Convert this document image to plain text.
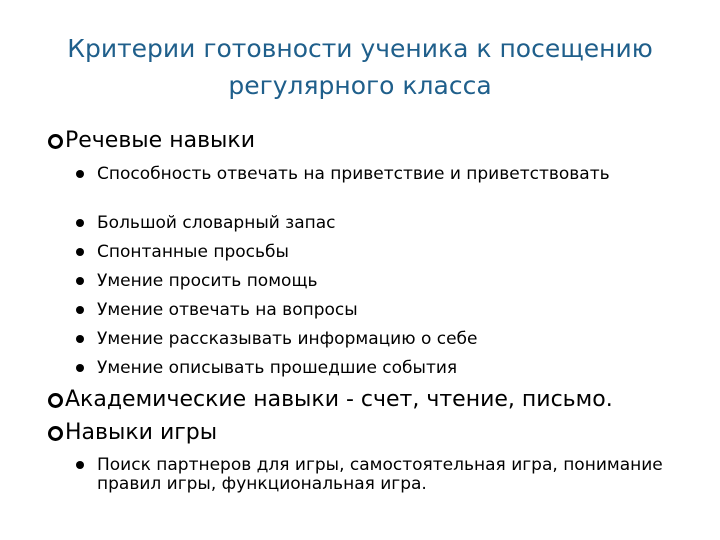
Критерии готовности ученика к посещению
регулярного класса
Речевые навыки
Способность отвечать на приветствие и приветствовать
Большой словарный запас
Спонтанные просьбы
Умение просить помощь
Умение отвечать на вопросы
Умение рассказывать информацию о себе
Умение описывать прошедшие события
Академические навыки - счет, чтение, письмо.
Навыки игры
Поиск партнеров для игры, самостоятельная игра, понимание правил игры, функциональная игра.
